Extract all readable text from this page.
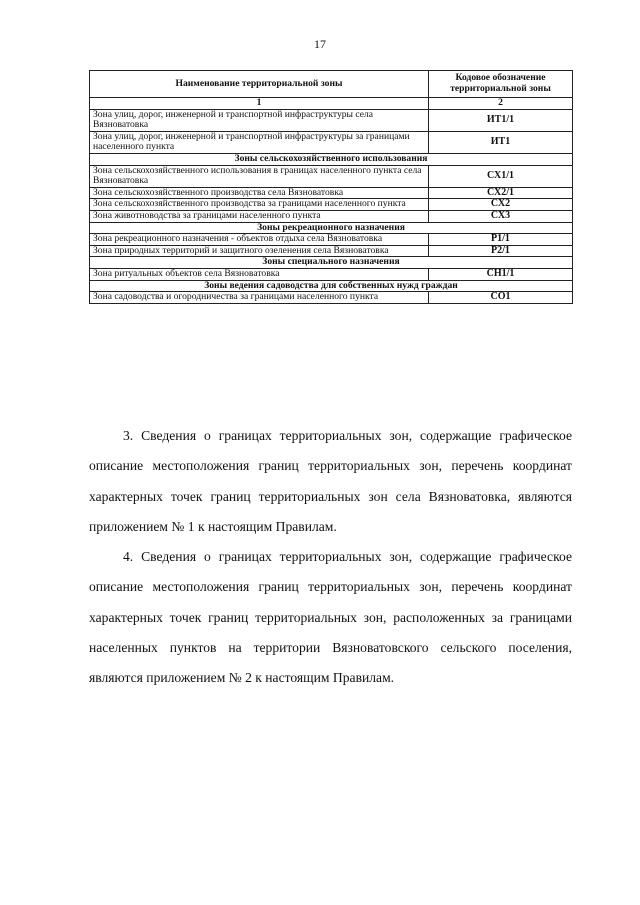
17
Наименование территориальной зоны	Кодовое обозначение территориальной зоны
1	2
Зона улиц, дорог, инженерной и транспортной инфраструктуры села Вязноватовка	ИТ1/1
Зона улиц, дорог, инженерной и транспортной инфраструктуры за границами населенного пункта	ИТ1
Зоны сельскохозяйственного использования	
Зона сельскохозяйственного использования в границах населенного пункта села Вязноватовка	СХ1/1
Зона сельскохозяйственного производства села Вязноватовка	СХ2/1
Зона сельскохозяйственного производства за границами населенного пункта	СХ2
Зона животноводства за границами населенного пункта	СХ3
Зоны рекреационного назначения	
Зона рекреационного назначения - объектов отдыха села Вязноватовка	Р1/1
Зона природных территорий и защитного озеленения села Вязноватовка	Р2/1
Зоны специального назначения	
Зона ритуальных объектов села Вязноватовка	СН1/1
Зоны ведения садоводства для собственных нужд граждан	
Зона садоводства и огородничества за границами населенного пункта	СО1

3. Сведения о границах территориальных зон, содержащие графическое описание местоположения границ территориальных зон, перечень координат характерных точек границ территориальных зон села Вязноватовка, являются приложением № 1 к настоящим Правилам.

4. Сведения о границах территориальных зон, содержащие графическое описание местоположения границ территориальных зон, перечень координат характерных точек границ территориальных зон, расположенных за границами населенных пунктов на территории Вязноватовского сельского поселения, являются приложением № 2 к настоящим Правилам.
